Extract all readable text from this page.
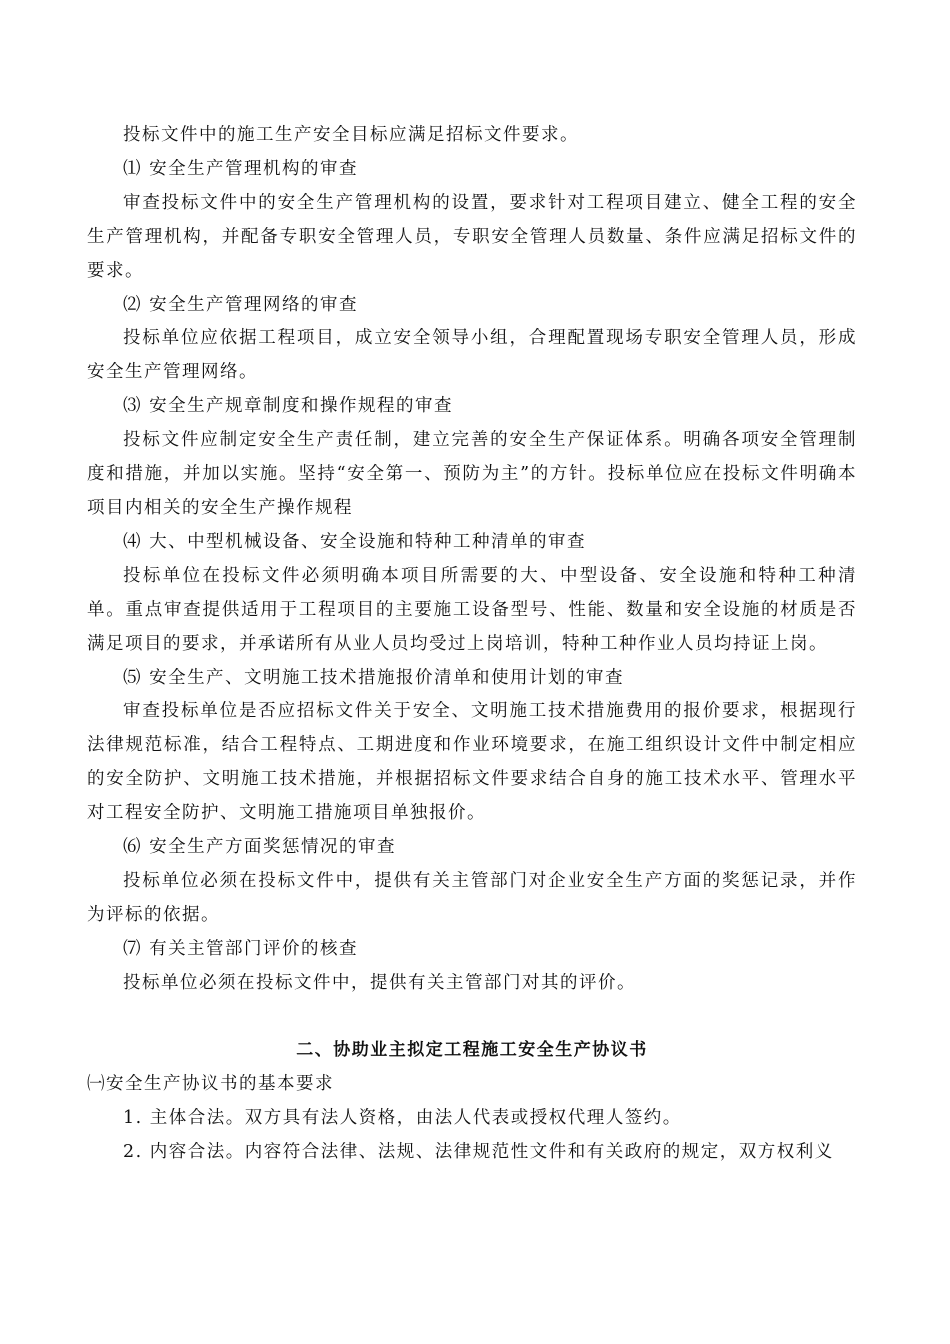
投标文件中的施工生产安全目标应满足招标文件要求。

⑴ 安全生产管理机构的审查

审查投标文件中的安全生产管理机构的设置，要求针对工程项目建立、健全工程的安全生产管理机构，并配备专职安全管理人员，专职安全管理人员数量、条件应满足招标文件的要求。

⑵ 安全生产管理网络的审查

投标单位应依据工程项目，成立安全领导小组，合理配置现场专职安全管理人员，形成安全生产管理网络。

⑶ 安全生产规章制度和操作规程的审查

投标文件应制定安全生产责任制，建立完善的安全生产保证体系。明确各项安全管理制度和措施，并加以实施。坚持“安全第一、预防为主”的方针。投标单位应在投标文件明确本项目内相关的安全生产操作规程

⑷ 大、中型机械设备、安全设施和特种工种清单的审查

投标单位在投标文件必须明确本项目所需要的大、中型设备、安全设施和特种工种清单。重点审查提供适用于工程项目的主要施工设备型号、性能、数量和安全设施的材质是否满足项目的要求，并承诺所有从业人员均受过上岗培训，特种工种作业人员均持证上岗。

⑸ 安全生产、文明施工技术措施报价清单和使用计划的审查

审查投标单位是否应招标文件关于安全、文明施工技术措施费用的报价要求，根据现行法律规范标准，结合工程特点、工期进度和作业环境要求，在施工组织设计文件中制定相应的安全防护、文明施工技术措施，并根据招标文件要求结合自身的施工技术水平、管理水平对工程安全防护、文明施工措施项目单独报价。

⑹ 安全生产方面奖惩情况的审查

投标单位必须在投标文件中，提供有关主管部门对企业安全生产方面的奖惩记录，并作为评标的依据。

⑺ 有关主管部门评价的核查

投标单位必须在投标文件中，提供有关主管部门对其的评价。

二、协助业主拟定工程施工安全生产协议书

㈠安全生产协议书的基本要求

1. 主体合法。双方具有法人资格，由法人代表或授权代理人签约。

2. 内容合法。内容符合法律、法规、法律规范性文件和有关政府的规定，双方权利义
